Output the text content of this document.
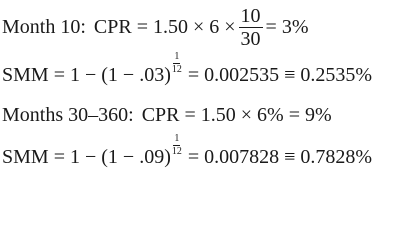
Month 10: CPR = $1.50 \times 6 \times \frac{10}{30} = 3\%$
SMM = 1 − (1 − .03)
1
12 = 0.002535 ≡ 0.2535%
Months 30–360: CPR = 1.50 × 6% = 9%
SMM = 1 − (1 − .09)
1
12 = 0.007828 ≡ 0.7828%
